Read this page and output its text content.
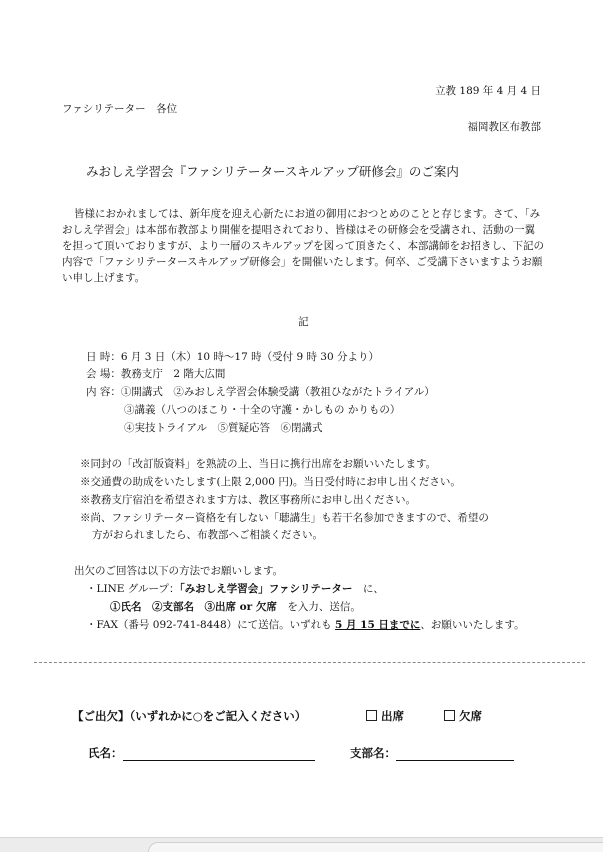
立教 189 年 4 月 4 日
ファシリテーター　各位
福岡教区布教部
みおしえ学習会『ファシリテータースキルアップ研修会』のご案内

皆様におかれましては、新年度を迎え心新たにお道の御用におつとめのことと存じます。さて、「みおしえ学習会」は本部布教部より開催を提唱されており、皆様はその研修会を受講され、活動の一翼を担って頂いておりますが、より一層のスキルアップを図って頂きたく、本部講師をお招きし、下記の内容で「ファシリテータースキルアップ研修会」を開催いたします。何卒、ご受講下さいますようお願い申し上げます。

記
日 時：6 月 3 日（木）10 時～17 時（受付 9 時 30 分より）
会 場：教務支庁　2 階大広間
内 容：①開講式　②みおしえ学習会体験受講（教祖ひながたトライアル）
③講義（八つのほこり・十全の守護・かしもの かりもの）
④実技トライアル　⑤質疑応答　⑥閉講式
※同封の「改訂版資料」を熟読の上、当日に携行出席をお願いいたします。
※交通費の助成をいたします(上限 2,000 円)。当日受付時にお申し出ください。
※教務支庁宿泊を希望されます方は、教区事務所にお申し出ください。
※尚、ファシリテーター資格を有しない「聴講生」も若干名参加できますので、希望の
方がおられましたら、布教部へご相談ください。
出欠のご回答は以下の方法でお願いします。
・LINE グループ：「みおしえ学習会」ファシリテーター　に、
①氏名　②支部名　③出席 or 欠席　を入力、送信。
・FAX（番号 092-741-8448）にて送信。いずれも 5 月 15 日までに、お願いいたします。
【ご出欠】（いずれかに○をご記入ください）	出席	欠席
氏名：	支部名：
